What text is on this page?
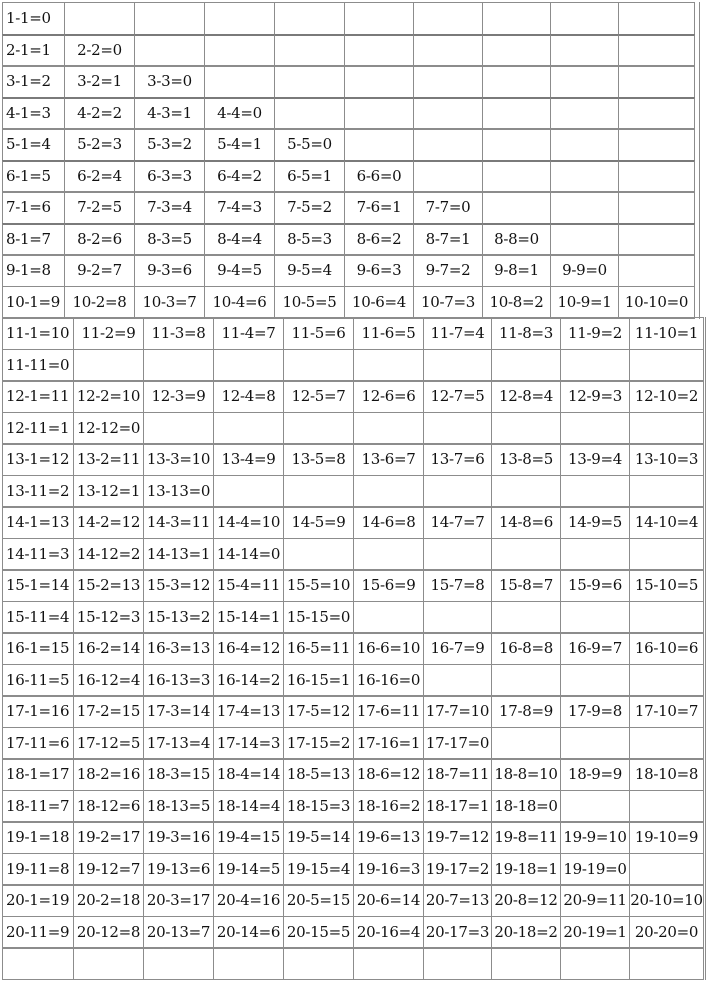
1-1=0
2-1=1	2-2=0
3-1=2	3-2=1	3-3=0
4-1=3	4-2=2	4-3=1	4-4=0
5-1=4	5-2=3	5-3=2	5-4=1	5-5=0
6-1=5	6-2=4	6-3=3	6-4=2	6-5=1	6-6=0
7-1=6	7-2=5	7-3=4	7-4=3	7-5=2	7-6=1	7-7=0
8-1=7	8-2=6	8-3=5	8-4=4	8-5=3	8-6=2	8-7=1	8-8=0
9-1=8	9-2=7	9-3=6	9-4=5	9-5=4	9-6=3	9-7=2	9-8=1	9-9=0
10-1=9 10-2=8	10-3=7	10-4=6	10-5=5	10-6=4 10-7=3 10-8=2 10-9=1 10-10=0
11-1=10 11-2=9	11-3=8	11-4=7	11-5=6	11-6=5 11-7=4 11-8=3 11-9=2 11-10=1
11-11=0
12-1=11 12-2=10 12-3=9	12-4=8	12-5=7	12-6=6 12-7=5 12-8=4 12-9=3 12-10=2
12-11=1 12-12=0
13-1=12 13-2=11 13-3=10 13-4=9	13-5=8	13-6=7 13-7=6 13-8=5 13-9=4 13-10=3
13-11=2 13-12=1 13-13=0
14-1=13 14-2=12 14-3=11 14-4=10 14-5=9	14-6=8 14-7=7 14-8=6 14-9=5 14-10=4
14-11=3 14-12=2 14-13=1 14-14=0
15-1=14 15-2=13 15-3=12 15-4=11 15-5=10 15-6=9 15-7=8 15-8=7 15-9=6 15-10=5
15-11=4 15-12=3 15-13=2 15-14=1 15-15=0
16-1=15 16-2=14 16-3=13 16-4=12 16-5=11 16-6=10 16-7=9 16-8=8 16-9=7 16-10=6
16-11=5 16-12=4 16-13=3 16-14=2 16-15=1 16-16=0
17-1=16 17-2=15 17-3=14 17-4=13 17-5=12 17-6=11 17-7=10 17-8=9 17-9=8 17-10=7
17-11=6 17-12=5 17-13=4 17-14=3 17-15=2 17-16=1 17-17=0
18-1=17 18-2=16 18-3=15 18-4=14 18-5=13 18-6=12 18-7=11 18-8=10 18-9=9 18-10=8
18-11=7 18-12=6 18-13=5 18-14=4 18-15=3 18-16=2 18-17=1 18-18=0
19-1=18 19-2=17 19-3=16 19-4=15 19-5=14 19-6=13 19-7=12 19-8=11 19-9=10 19-10=9
19-11=8 19-12=7 19-13=6 19-14=5 19-15=4 19-16=3 19-17=2 19-18=1 19-19=0
20-1=19 20-2=18 20-3=17 20-4=16 20-5=15 20-6=14 20-7=13 20-8=12 20-9=11 20-10=10
20-11=9 20-12=8 20-13=7 20-14=6 20-15=5 20-16=4 20-17=3 20-18=2 20-19=1 20-20=0
